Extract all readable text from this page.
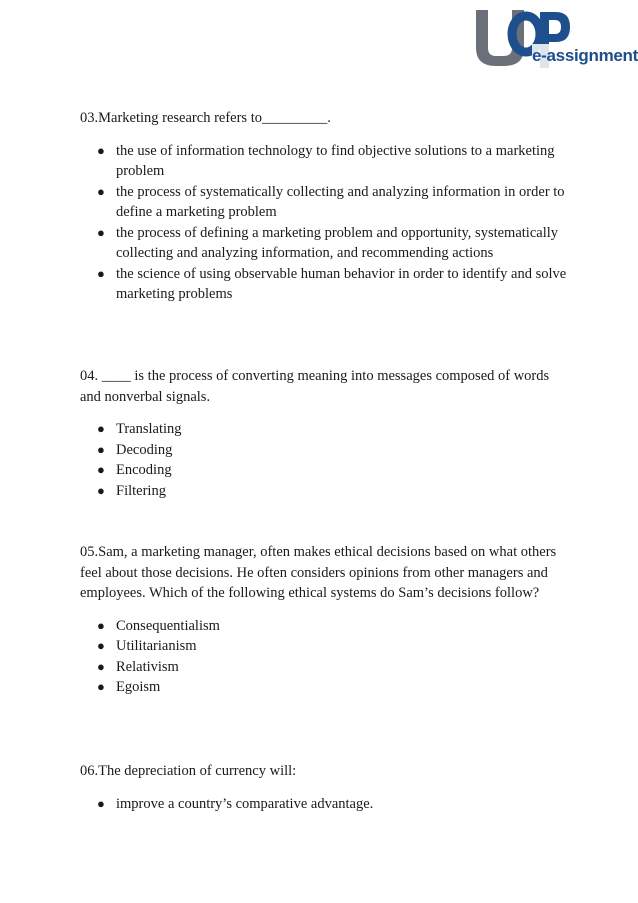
e-assignment
03.Marketing research refers to_________.
● the use of information technology to find objective solutions to a marketing problem
● the process of systematically collecting and analyzing information in order to define a marketing problem
● the process of defining a marketing problem and opportunity, systematically collecting and analyzing information, and recommending actions
● the science of using observable human behavior in order to identify and solve marketing problems
04. ____ is the process of converting meaning into messages composed of words and nonverbal signals.
● Translating
● Decoding
● Encoding
● Filtering
05.Sam, a marketing manager, often makes ethical decisions based on what others feel about those decisions. He often considers opinions from other managers and employees. Which of the following ethical systems do Sam’s decisions follow?
● Consequentialism
● Utilitarianism
● Relativism
● Egoism
06.The depreciation of currency will:
● improve a country’s comparative advantage.
